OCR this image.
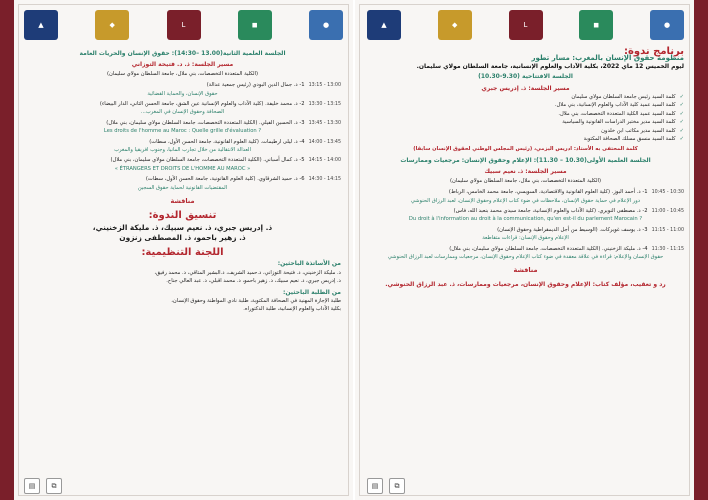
▲	◆	L	◼	●
الجلسة العلمية الثانية(13.00 –14:30): حقوق الإنسان والحريات العامة
مسير الجلسة: ذ. د. فتيحة التوزاني
(الكلية المتعددة التخصصات، بني ملال، جامعة السلطان مولاي سليمان)
13:15 - 13:00
1- ذ. جمال الدين البودي (رئيس جمعية عدالة)
حقوق الإنسان، والحماية القضائية
13:30 - 13:15
2- ذ. محمد خليفة. (كلية الآداب والعلوم الإنسانية عين الشق، جامعة الحسن الثاني، الدار البيضاء)
الصحافة وحقوق الإنسان في المغرب...
13:45 - 13:30
3- ذ. الحسين الفيلي. (الكلية المتعددة التخصصات، جامعة السلطان مولاي سليمان، بني ملال)
Les droits de l'homme au Maroc : Quelle grille d'évaluation ?
14:00 - 13:45
4- ذ. ليلى ارطيمات. (كلية العلوم القانونية، جامعة الحسن الأول، سطات)
العدالة الانتقالية من خلال تجارب المانيا، وجنوب افريقيا والمغرب
14:15 - 14:00
5- ذ. كمال أسباني. (الكلية المتعددة التخصصات، جامعة السلطان مولاي سليمان، بني ملال)
« ÉTRANGERS ET DROITS DE L'HOMME AU MAROC »
14:30 - 14:15
6- ذ. حميد الشرقاوي. (كلية العلوم القانونية، جامعة الحسن الأول، سطات)
المقتضيات القانونية لحماية حقوق السجين
مناقشة
تنسيق الندوة:
ذ. إدريس جبري، ذ. نعيم سبيك، ذ. مليكة الزخنيني،
ذ. زهير باحمو، ذ. المصطفى زنزون
اللجنة التنظيمية:
من الأساتذة الباحثين:
ذ. مليكة الزخنيني، ذ. فتيحة التوزاني، ذ.حميد الشريف، ذ.البشير المتاقي، ذ. محمد رفيق،
ذ. إدريس جبري، ذ. نعيم سبيك، ذ. زهير باحمو، ذ. محمد اقبلي، ذ. عبد العالي جناح.
من الطلبة الباحثين:
طلبة الإجازة المهنية في الصحافة المكتوبة، طلبة نادي المواطنة وحقوق الإنسان،
بكلية الآداب والعلوم الإنسانية، طلبة الدكتوراه.
▤	⧉
▲	◆	L	◼	●
برنامج ندوة:
منظومة حقوق الإنسان بالمغرب: مسار تطور
ليوم الخميس 12 ماي 2022، بكلية الآداب والعلوم الإنسانية، جامعة السلطان مولاي سليمان.
الجلسة الافتتاحية (9.30-10.30)
مسير الجلسة: ذ. إدريس جبري
✓
كلمة السيد رئيس جامعة السلطان مولاي سليمان
✓
كلمة السيد عميد كلية الآداب والعلوم الإنسانية، بني ملال.
✓
كلمة السيد عميد الكلية المتعددة التخصصات، بني ملال.
✓
كلمة السيد مدير مختبر الدراسات القانونية والسياسية
✓
كلمة السيد مدير مكاتب ابن خلدون
✓
كلمة السيد منسق مسلك الصحافة المكتوبة
كلمة المحتفى به الأستاذ: ادريس اليزمي، (رئيس المجلس الوطني لحقوق الإنسان سابقا)
الجلسة العلمية الأولى(10.30 – 11.30): الإعلام وحقوق الإنسان: مرجعيات وممارسات
مسير الجلسة: ذ. نعيم سبيك
(الكلية المتعددة التخصصات، بني ملال، جامعة السلطان مولاي سليمان)
10:45 - 10:30
1- ذ. أحمد البوز. (كلية العلوم القانونية والاقتصادية، السويسي، جامعة محمد الخامس، الرباط)
دور الإعلام في حماية حقوق الإنسان، ملاحظات في ضوء كتاب الإعلام وحقوق الإنسان، لعبد الرزاق الحنوشي
11:00 - 10:45
2- ذ. مصطفى النويري. (كلية الآداب والعلوم الإنسانية، جامعة سيدي محمد بنعبد الله، فاس)
Du droit à l'information au droit à la communication, qu'en est-il du parlement Marocain ?
11:15 - 11:00
3- ذ. يوسف غويركات. (الوسيط من أجل الديمقراطية وحقوق الإنسان)
الإعلام وحقوق الإنسان: قراءات متقاطعة
11:30 - 11:15
4- ذ. مليكة الزخنيني. (الكلية المتعددة التخصصات، جامعة السلطان مولاي سليمان، بني ملال)
حقوق الإنسان والإعلام: قراءة في علاقة معقدة في ضوء كتاب الإعلام وحقوق الإنسان، مرجعيات وممارسات لعبد الرزاق الحنوشي
مناقشة
رد و تعقيب، مؤلف كتاب: الإعلام وحقوق الإنسان، مرجعيات وممارسات، ذ. عبد الرزاق الحنوشي.
▤	⧉
